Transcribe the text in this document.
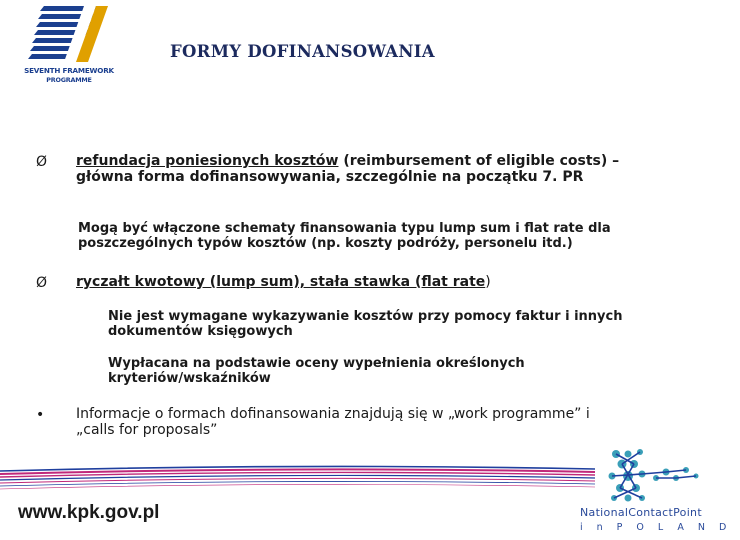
SEVENTH FRAMEWORK
PROGRAMME
FORMY DOFINANSOWANIA
Ø refundacja poniesionych kosztów (reimbursement of eligible costs) – główna forma dofinansowywania, szczególnie na początku 7. PR
Mogą być włączone schematy finansowania typu lump sum i flat rate dla poszczególnych typów kosztów (np. koszty podróży, personelu itd.)
Ø ryczałt kwotowy (lump sum), stała stawka (flat rate)
Nie jest wymagane wykazywanie kosztów przy pomocy faktur i innych dokumentów księgowych
Wypłacana na podstawie oceny wypełnienia określonych kryteriów/wskaźników
• Informacje o formach dofinansowania znajdują się w „work programme” i „calls for proposals”
www.kpk.gov.pl	NationalContactPoint
inPOLAND
